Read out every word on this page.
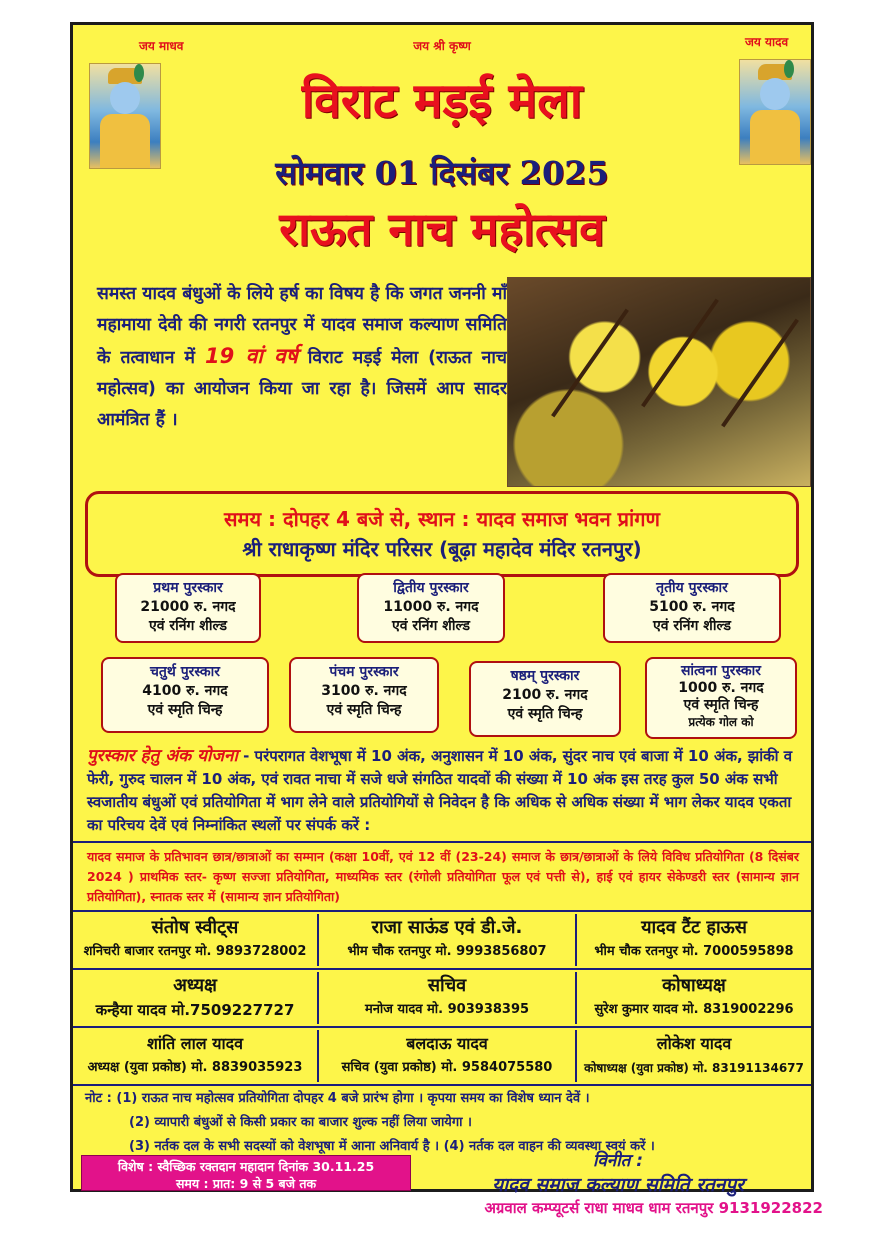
जय माधव	जय श्री कृष्ण	जय यादव
विराट मड़ई मेला
सोमवार 01 दिसंबर 2025
राऊत नाच महोत्सव
समस्त यादव बंधुओं के लिये हर्ष का विषय है कि जगत जननी माँ महामाया देवी की नगरी रतनपुर में यादव समाज कल्याण समिति के तत्वाधान में 19 वां वर्ष विराट मड़ई मेला (राऊत नाच महोत्सव) का आयोजन किया जा रहा है। जिसमें आप सादर आमंत्रित हैं ।
समय : दोपहर 4 बजे से, स्थान : यादव समाज भवन प्रांगण
श्री राधाकृष्ण मंदिर परिसर (बूढ़ा महादेव मंदिर रतनपुर)
प्रथम पुरस्कार
21000 रु. नगद
एवं रनिंग शील्ड
द्वितीय पुरस्कार
11000 रु. नगद
एवं रनिंग शील्ड
तृतीय पुरस्कार
5100 रु. नगद
एवं रनिंग शील्ड
चतुर्थ पुरस्कार
4100 रु. नगद
एवं स्मृति चिन्ह
पंचम पुरस्कार
3100 रु. नगद
एवं स्मृति चिन्ह
षष्ठम् पुरस्कार
2100 रु. नगद
एवं स्मृति चिन्ह
सांत्वना पुरस्कार
1000 रु. नगद
एवं स्मृति चिन्ह
प्रत्येक गोल को
पुरस्कार हेतु अंक योजना - परंपरागत वेशभूषा में 10 अंक, अनुशासन में 10 अंक, सुंदर नाच एवं बाजा में 10 अंक, झांकी व फेरी, गुरुद चालन में 10 अंक, एवं रावत नाचा में सजे धजे संगठित यादवों की संख्या में 10 अंक इस तरह कुल 50 अंक सभी स्वजातीय बंधुओं एवं प्रतियोगिता में भाग लेने वाले प्रतियोगियों से निवेदन है कि अधिक से अधिक संख्या में भाग लेकर यादव एकता का परिचय देवें एवं निम्नांकित स्थलों पर संपर्क करें :
यादव समाज के प्रतिभावन छात्र/छात्राओं का सम्मान (कक्षा 10वीं, एवं 12 वीं (23-24) समाज के छात्र/छात्राओं के लिये विविध प्रतियोगिता (8 दिसंबर 2024 ) प्राथमिक स्तर- कृष्ण सज्जा प्रतियोगिता, माध्यमिक स्तर (रंगोली प्रतियोगिता फूल एवं पत्ती से), हाई एवं हायर सेकेण्डरी स्तर (सामान्य ज्ञान प्रतियोगिता), स्नातक स्तर में (सामान्य ज्ञान प्रतियोगिता)
संतोष स्वीट्स
शनिचरी बाजार रतनपुर मो. 9893728002
राजा साऊंड एवं डी.जे.
भीम चौक रतनपुर मो. 9993856807
यादव टैंट हाऊस
भीम चौक रतनपुर मो. 7000595898
अध्यक्ष
कन्हैया यादव मो.7509227727
सचिव
मनोज यादव मो. 903938395
कोषाध्यक्ष
सुरेश कुमार यादव मो. 8319002296
शांति लाल यादव
अध्यक्ष (युवा प्रकोष्ठ) मो. 8839035923
बलदाऊ यादव
सचिव (युवा प्रकोष्ठ) मो. 9584075580
लोकेश यादव
कोषाध्यक्ष (युवा प्रकोष्ठ) मो. 83191134677
नोट : (1) राऊत नाच महोत्सव प्रतियोगिता दोपहर 4 बजे प्रारंभ होगा । कृपया समय का विशेष ध्यान देवें ।
(2) व्यापारी बंधुओं से किसी प्रकार का बाजार शुल्क नहीं लिया जायेगा ।
(3) नर्तक दल के सभी सदस्यों को वेशभूषा में आना अनिवार्य है । (4) नर्तक दल वाहन की व्यवस्था स्वयं करें ।
विशेष : स्वैच्छिक रक्तदान महादान दिनांक 30.11.25
समय : प्रात: 9 से 5 बजे तक
विनीत :
यादव समाज कल्याण समिति रतनपुर
अग्रवाल कम्प्यूटर्स राधा माधव धाम रतनपुर 9131922822
